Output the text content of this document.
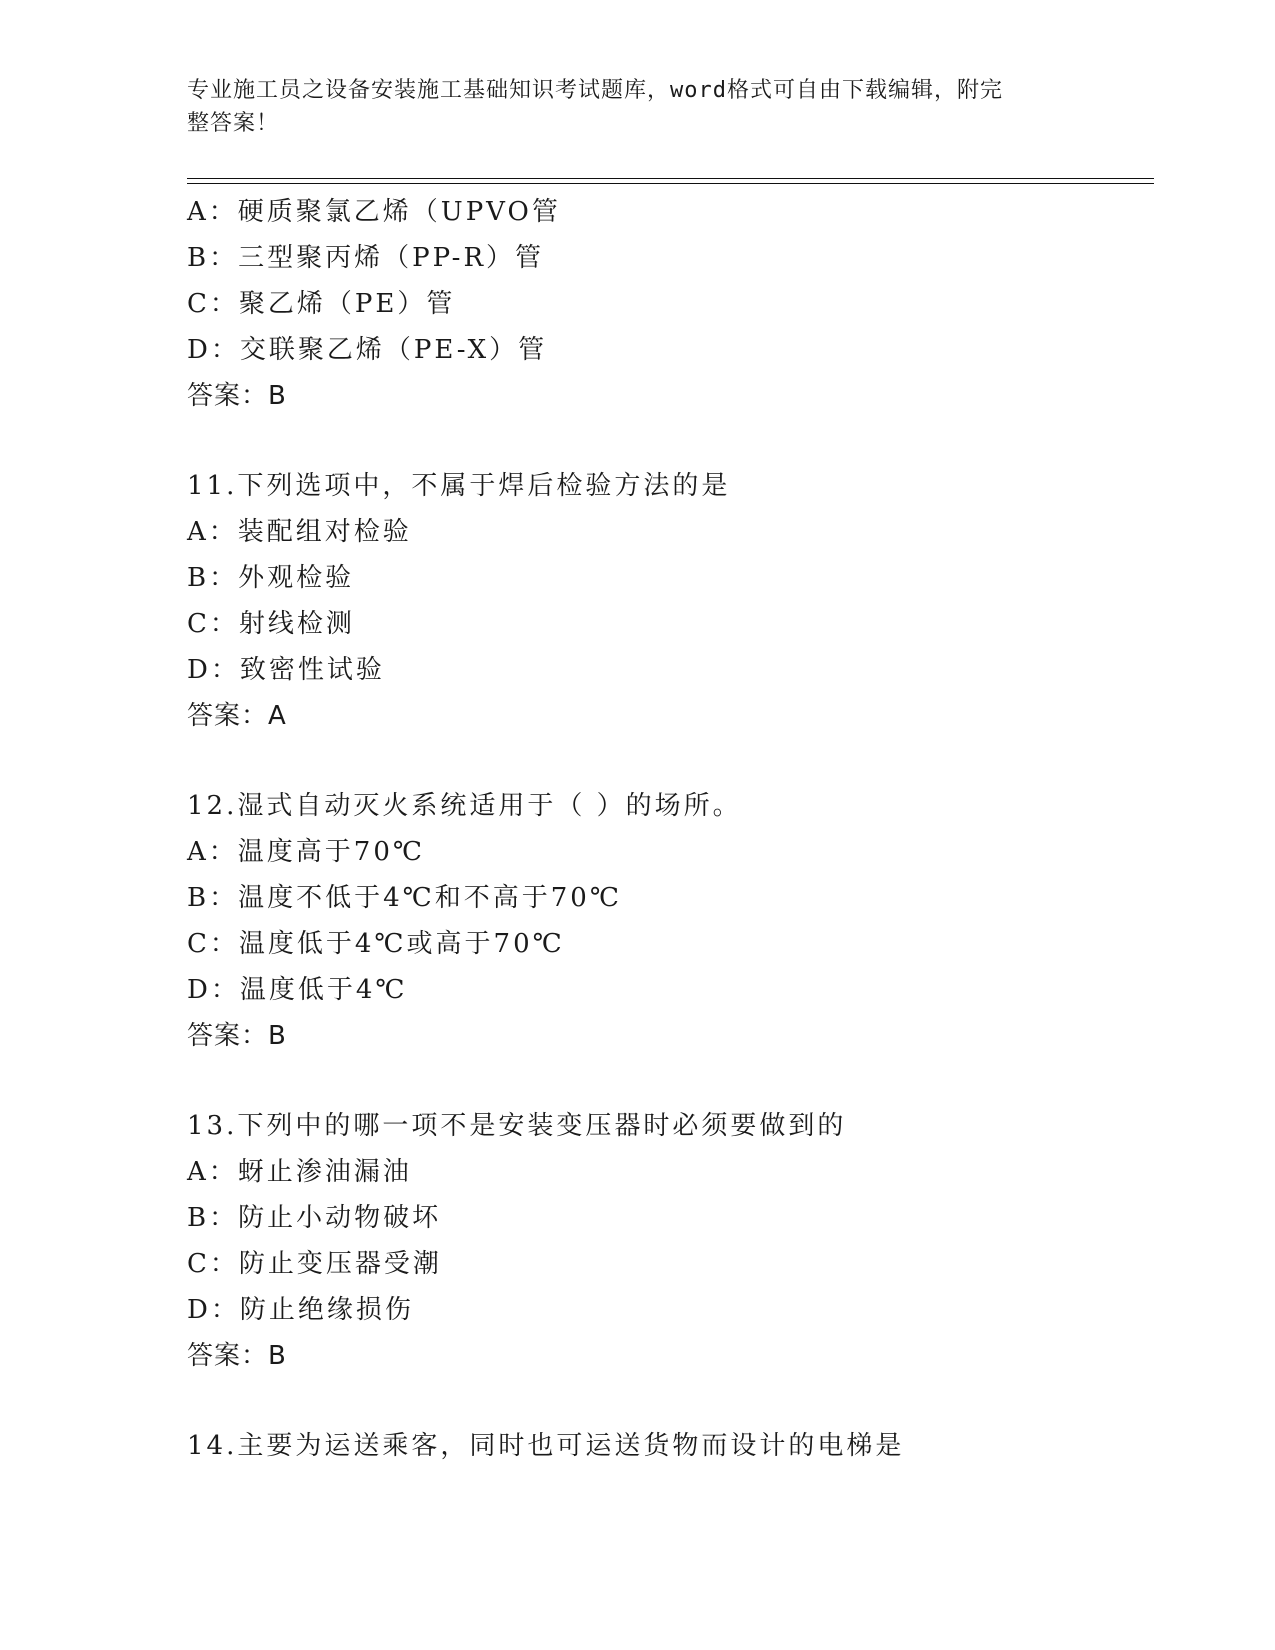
专业施工员之设备安装施工基础知识考试题库，word格式可自由下载编辑，附完
整答案！
A：硬质聚氯乙烯（UPVO管
B：三型聚丙烯（PP-R）管
C：聚乙烯（PE）管
D：交联聚乙烯（PE-X）管
答案：B
11.下列选项中，不属于焊后检验方法的是
A：装配组对检验
B：外观检验
C：射线检测
D：致密性试验
答案：A
12.湿式自动灭火系统适用于（ ）的场所。
A：温度高于70℃
B：温度不低于4℃和不高于70℃
C：温度低于4℃或高于70℃
D：温度低于4℃
答案：B
13.下列中的哪一项不是安装变压器时必须要做到的
A：蚜止渗油漏油
B：防止小动物破坏
C：防止变压器受潮
D：防止绝缘损伤
答案：B
14.主要为运送乘客，同时也可运送货物而设计的电梯是
